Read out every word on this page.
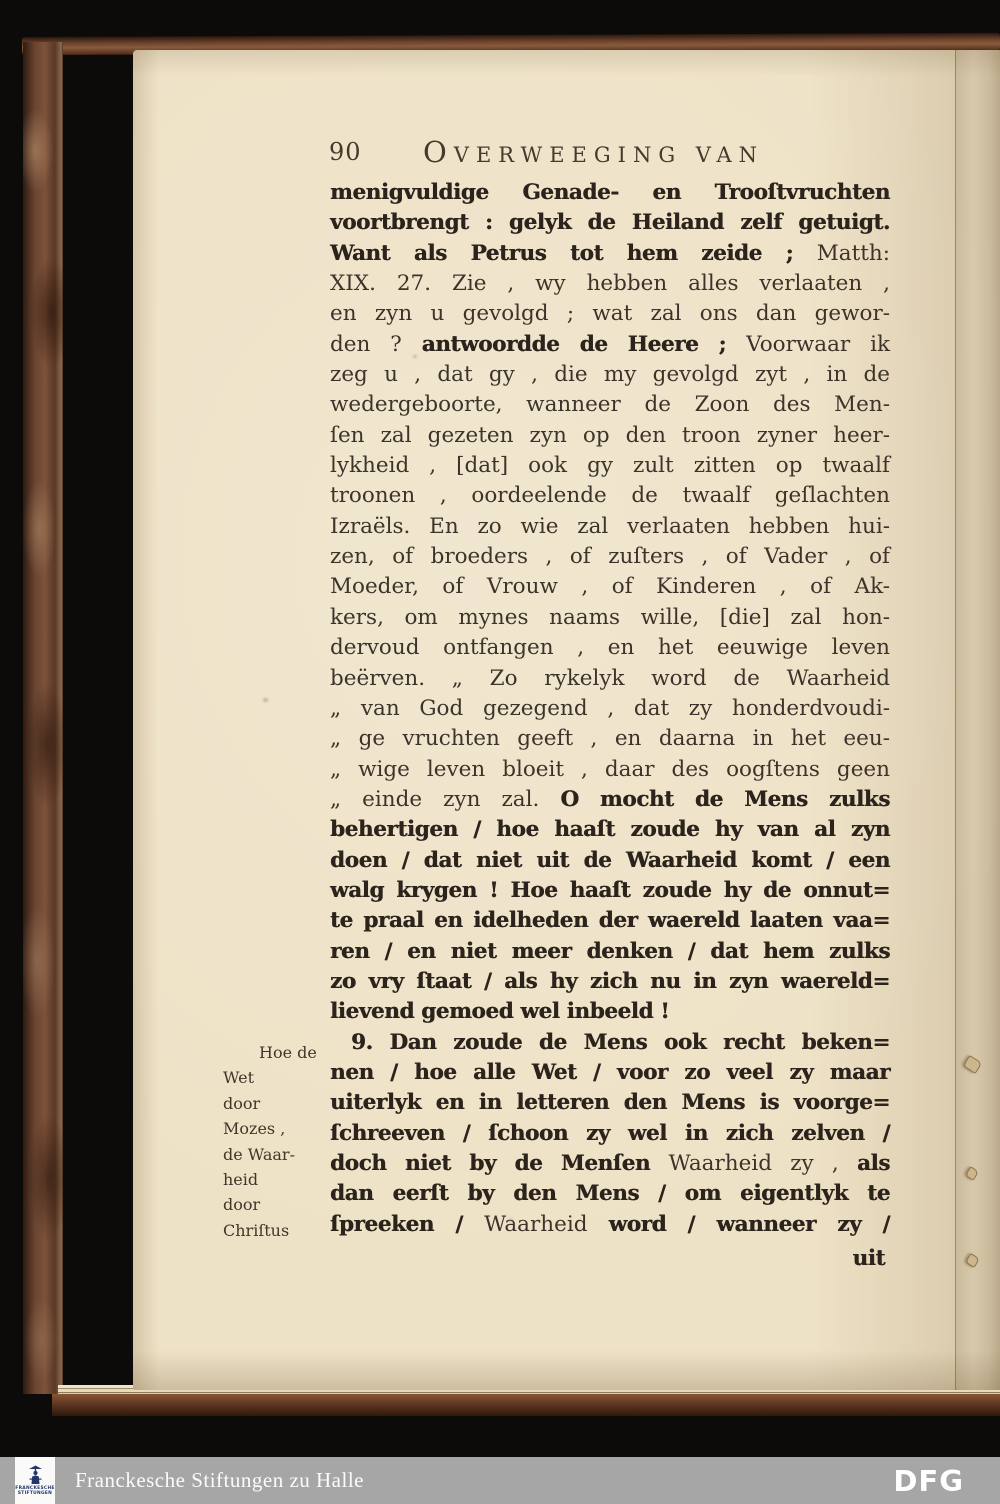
90	OVERWEEGING VAN
Hoe de
Wet
door
Mozes ,
de Waar-
heid
door
Chriſtus
menigvuldige Genade- en Trooſtvruchten
voortbrengt : gelyk de Heiland zelf getuigt.
Want als Petrus tot hem zeide ; Matth:
XIX. 27. Zie , wy hebben alles verlaaten ,
en zyn u gevolgd ; wat zal ons dan gewor-
den ? antwoordde de Heere ; Voorwaar ik
zeg u , dat gy , die my gevolgd zyt , in de
wedergeboorte, wanneer de Zoon des Men-
ſen zal gezeten zyn op den troon zyner heer-
lykheid , [dat] ook gy zult zitten op twaalf
troonen , oordeelende de twaalf geſlachten
Izraëls. En zo wie zal verlaaten hebben hui-
zen, of broeders , of zuſters , of Vader , of
Moeder, of Vrouw , of Kinderen , of Ak-
kers, om mynes naams wille, [die] zal hon-
dervoud ontfangen , en het eeuwige leven
beërven. „ Zo rykelyk word de Waarheid
„ van God gezegend , dat zy honderdvoudi-
„ ge vruchten geeft , en daarna in het eeu-
„ wige leven bloeit , daar des oogſtens geen
„ einde zyn zal. O mocht de Mens zulks
behertigen / hoe haaſt zoude hy van al zyn
doen / dat niet uit de Waarheid komt / een
walg krygen ! Hoe haaſt zoude hy de onnut=
te praal en idelheden der waereld laaten vaa=
ren / en niet meer denken / dat hem zulks
zo vry ſtaat / als hy zich nu in zyn waereld=
lievend gemoed wel inbeeld !
9. Dan zoude de Mens ook recht beken=
nen / hoe alle Wet / voor zo veel zy maar
uiterlyk en in letteren den Mens is voorge=
ſchreeven / ſchoon zy wel in zich zelven /
doch niet by de Menſen Waarheid zy , als
dan eerſt by den Mens / om eigentlyk te
ſpreeken / Waarheid word / wanneer zy /
uit
FRANCKESCHE
STIFTUNGEN
Franckesche Stiftungen zu Halle	DFG
